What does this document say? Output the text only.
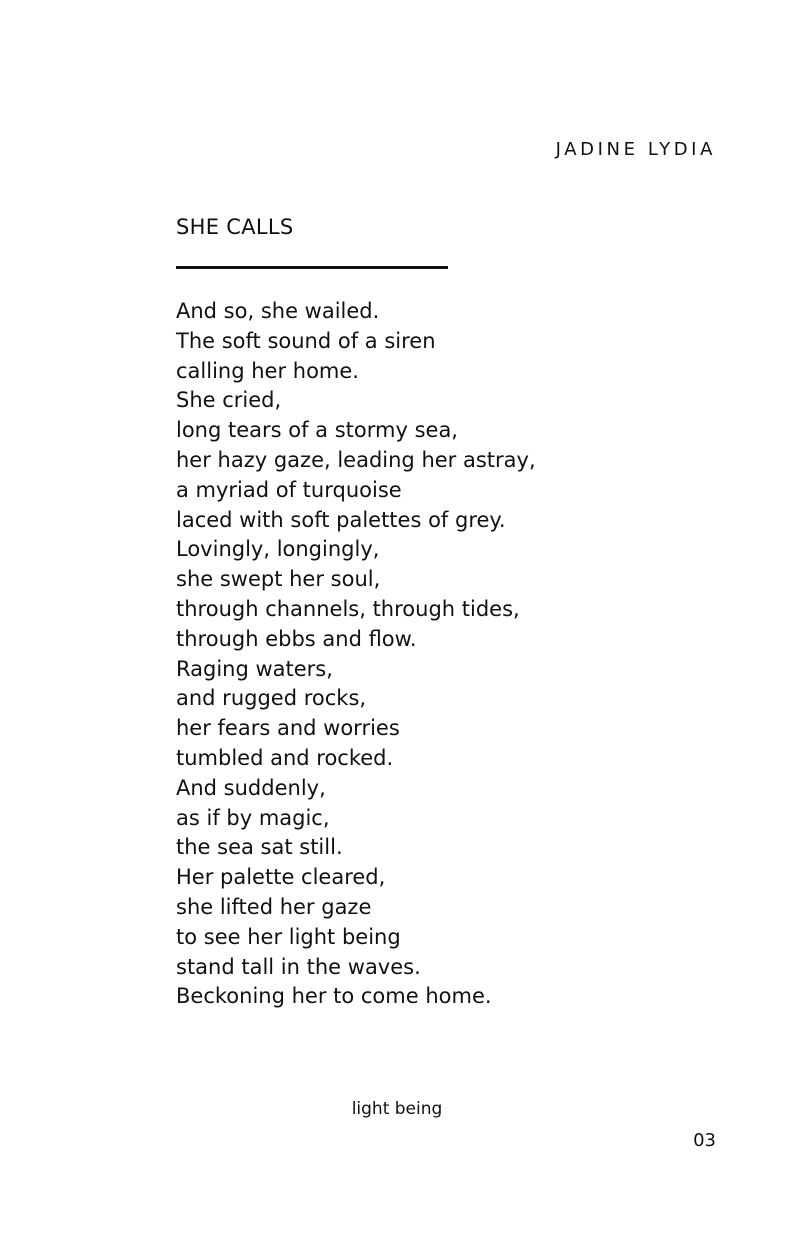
JADINE LYDIA
SHE CALLS
And so, she wailed.
The soft sound of a siren
calling her home.
She cried,
long tears of a stormy sea,
her hazy gaze, leading her astray,
a myriad of turquoise
laced with soft palettes of grey.
Lovingly, longingly,
she swept her soul,
through channels, through tides,
through ebbs and flow.
Raging waters,
and rugged rocks,
her fears and worries
tumbled and rocked.
And suddenly,
as if by magic,
the sea sat still.
Her palette cleared,
she lifted her gaze
to see her light being
stand tall in the waves.
Beckoning her to come home.
light being
03
